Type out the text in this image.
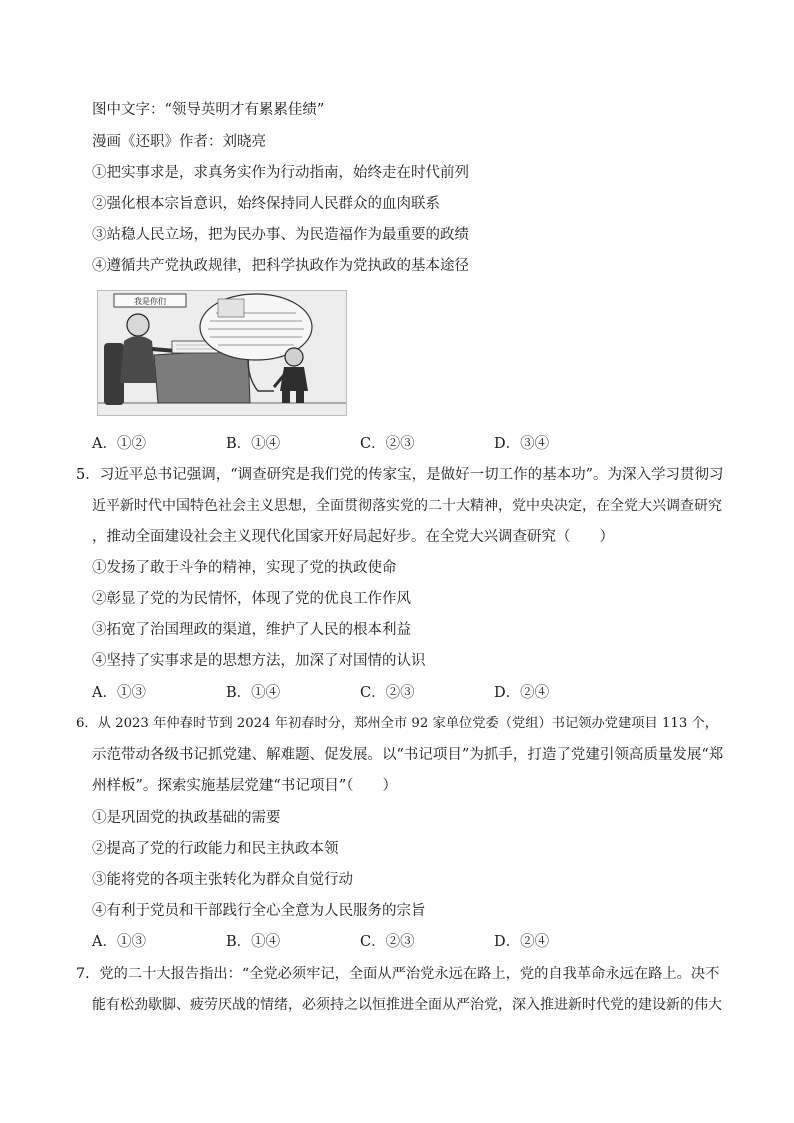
图中文字：“领导英明才有累累佳绩”
漫画《还职》作者：刘晓亮
①把实事求是，求真务实作为行动指南，始终走在时代前列
②强化根本宗旨意识，始终保持同人民群众的血肉联系
③站稳人民立场，把为民办事、为民造福作为最重要的政绩
④遵循共产党执政规律，把科学执政作为党执政的基本途径
我是你们
A．①②	B．①④	C．②③	D．③④
5．习近平总书记强调，“调查研究是我们党的传家宝，是做好一切工作的基本功”。为深入学习贯彻习
近平新时代中国特色社会主义思想，全面贯彻落实党的二十大精神，党中央决定，在全党大兴调查研究
，推动全面建设社会主义现代化国家开好局起好步。在全党大兴调查研究（　　）
①发扬了敢于斗争的精神，实现了党的执政使命
②彰显了党的为民情怀，体现了党的优良工作作风
③拓宽了治国理政的渠道，维护了人民的根本利益
④坚持了实事求是的思想方法，加深了对国情的认识
A．①③	B．①④	C．②③	D．②④
6．从 2023 年仲春时节到 2024 年初春时分，郑州全市 92 家单位党委（党组）书记领办党建项目 113 个，
示范带动各级书记抓党建、解难题、促发展。以“书记项目”为抓手，打造了党建引领高质量发展“郑
州样板”。探索实施基层党建“书记项目”（　　）
①是巩固党的执政基础的需要
②提高了党的行政能力和民主执政本领
③能将党的各项主张转化为群众自觉行动
④有利于党员和干部践行全心全意为人民服务的宗旨
A．①③	B．①④	C．②③	D．②④
7．党的二十大报告指出：“全党必须牢记，全面从严治党永远在路上，党的自我革命永远在路上。决不
能有松劲歇脚、疲劳厌战的情绪，必须持之以恒推进全面从严治党，深入推进新时代党的建设新的伟大
